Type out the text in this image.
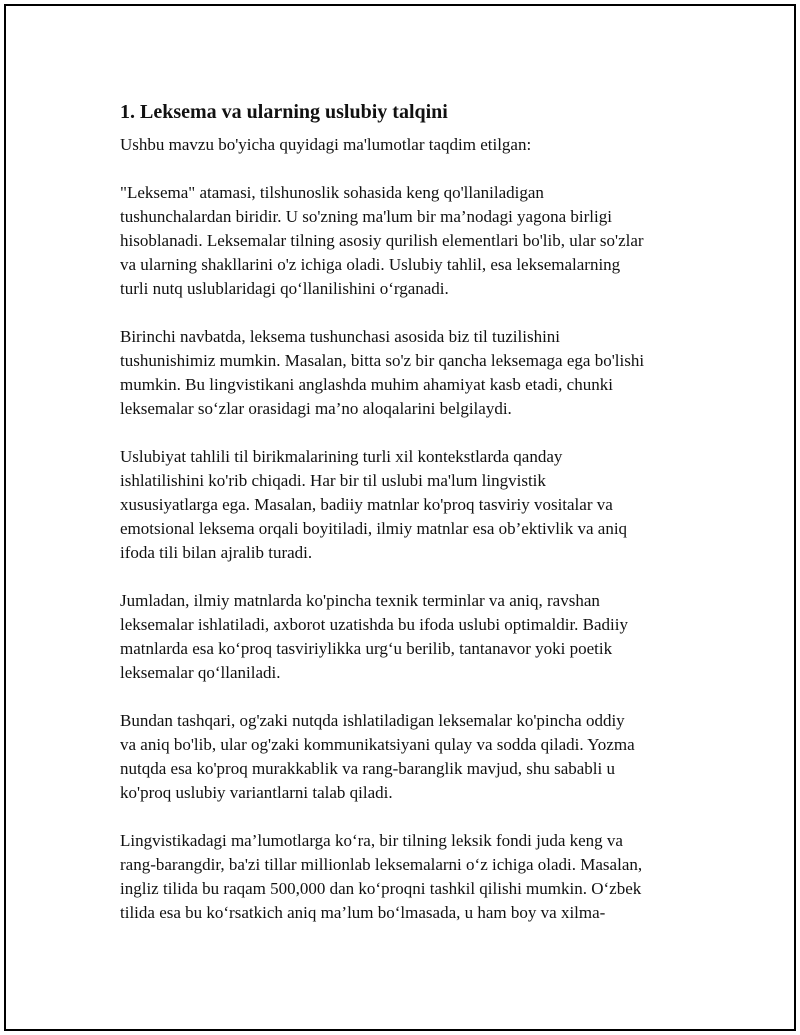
1. Leksema va ularning uslubiy talqini
Ushbu mavzu bo'yicha quyidagi ma'lumotlar taqdim etilgan:
"Leksema" atamasi, tilshunoslik sohasida keng qo'llaniladigan
tushunchalardan biridir. U so'zning ma'lum bir ma’nodagi yagona birligi
hisoblanadi. Leksemalar tilning asosiy qurilish elementlari bo'lib, ular so'zlar
va ularning shakllarini o'z ichiga oladi. Uslubiy tahlil, esa leksemalarning
turli nutq uslublaridagi qo‘llanilishini o‘rganadi.
Birinchi navbatda, leksema tushunchasi asosida biz til tuzilishini
tushunishimiz mumkin. Masalan, bitta so'z bir qancha leksemaga ega bo'lishi
mumkin. Bu lingvistikani anglashda muhim ahamiyat kasb etadi, chunki
leksemalar so‘zlar orasidagi ma’no aloqalarini belgilaydi.
Uslubiyat tahlili til birikmalarining turli xil kontekstlarda qanday
ishlatilishini ko'rib chiqadi. Har bir til uslubi ma'lum lingvistik
xususiyatlarga ega. Masalan, badiiy matnlar ko'proq tasviriy vositalar va
emotsional leksema orqali boyitiladi, ilmiy matnlar esa ob’ektivlik va aniq
ifoda tili bilan ajralib turadi.
Jumladan, ilmiy matnlarda ko'pincha texnik terminlar va aniq, ravshan
leksemalar ishlatiladi, axborot uzatishda bu ifoda uslubi optimaldir. Badiiy
matnlarda esa ko‘proq tasviriylikka urg‘u berilib, tantanavor yoki poetik
leksemalar qo‘llaniladi.
Bundan tashqari, og'zaki nutqda ishlatiladigan leksemalar ko'pincha oddiy
va aniq bo'lib, ular og'zaki kommunikatsiyani qulay va sodda qiladi. Yozma
nutqda esa ko'proq murakkablik va rang-baranglik mavjud, shu sababli u
ko'proq uslubiy variantlarni talab qiladi.
Lingvistikadagi ma’lumotlarga ko‘ra, bir tilning leksik fondi juda keng va
rang-barangdir, ba'zi tillar millionlab leksemalarni o‘z ichiga oladi. Masalan,
ingliz tilida bu raqam 500,000 dan ko‘proqni tashkil qilishi mumkin. O‘zbek
tilida esa bu ko‘rsatkich aniq ma’lum bo‘lmasada, u ham boy va xilma-
